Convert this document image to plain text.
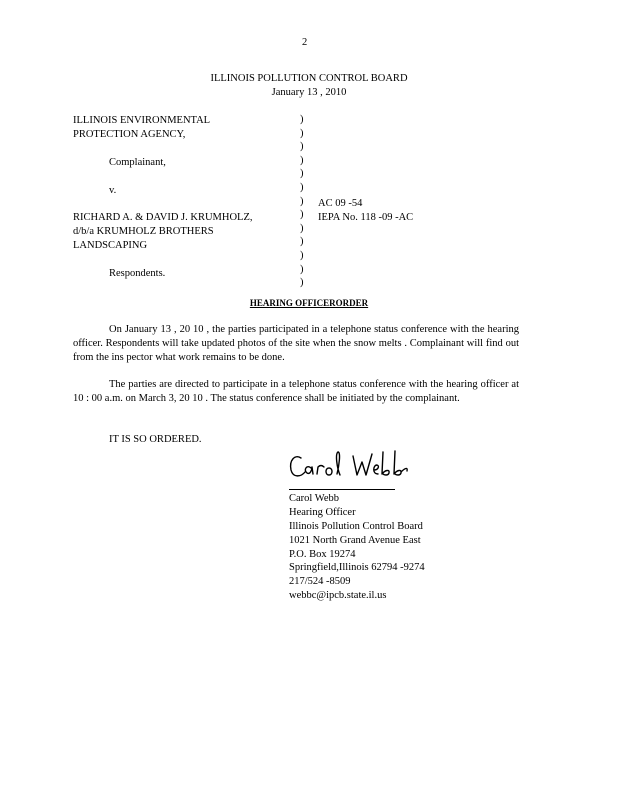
2
ILLINOIS POLLUTION CONTROL BOARD
January 13 , 2010
ILLINOIS ENVIRONMENTAL
PROTECTION AGENCY,
Complainant,
v.
RICHARD A. & DAVID J. KRUMHOLZ,
d/b/a KRUMHOLZ BROTHERS
LANDSCAPING
Respondents.
)
)
)
)
)
)
)
)
)
)
)
)
)
AC 09 -54
IEPA No. 118 -09 -AC
HEARING OFFICERORDER
On January 13 , 20 10 , the parties participated in a telephone status conference with the hearing officer. Respondents will take updated photos of the site when the snow melts . Complainant will find out from the ins pector what work remains to be done.
The parties are directed to participate in a telephone status conference with the hearing officer at 10 : 00 a.m. on March 3, 20 10 . The status conference shall be initiated by the complainant.
IT IS SO ORDERED.
Carol Webb
Hearing Officer
Illinois Pollution Control Board
1021 North Grand Avenue East
P.O. Box 19274
Springfield,Illinois 62794 -9274
217/524 -8509
webbc@ipcb.state.il.us
